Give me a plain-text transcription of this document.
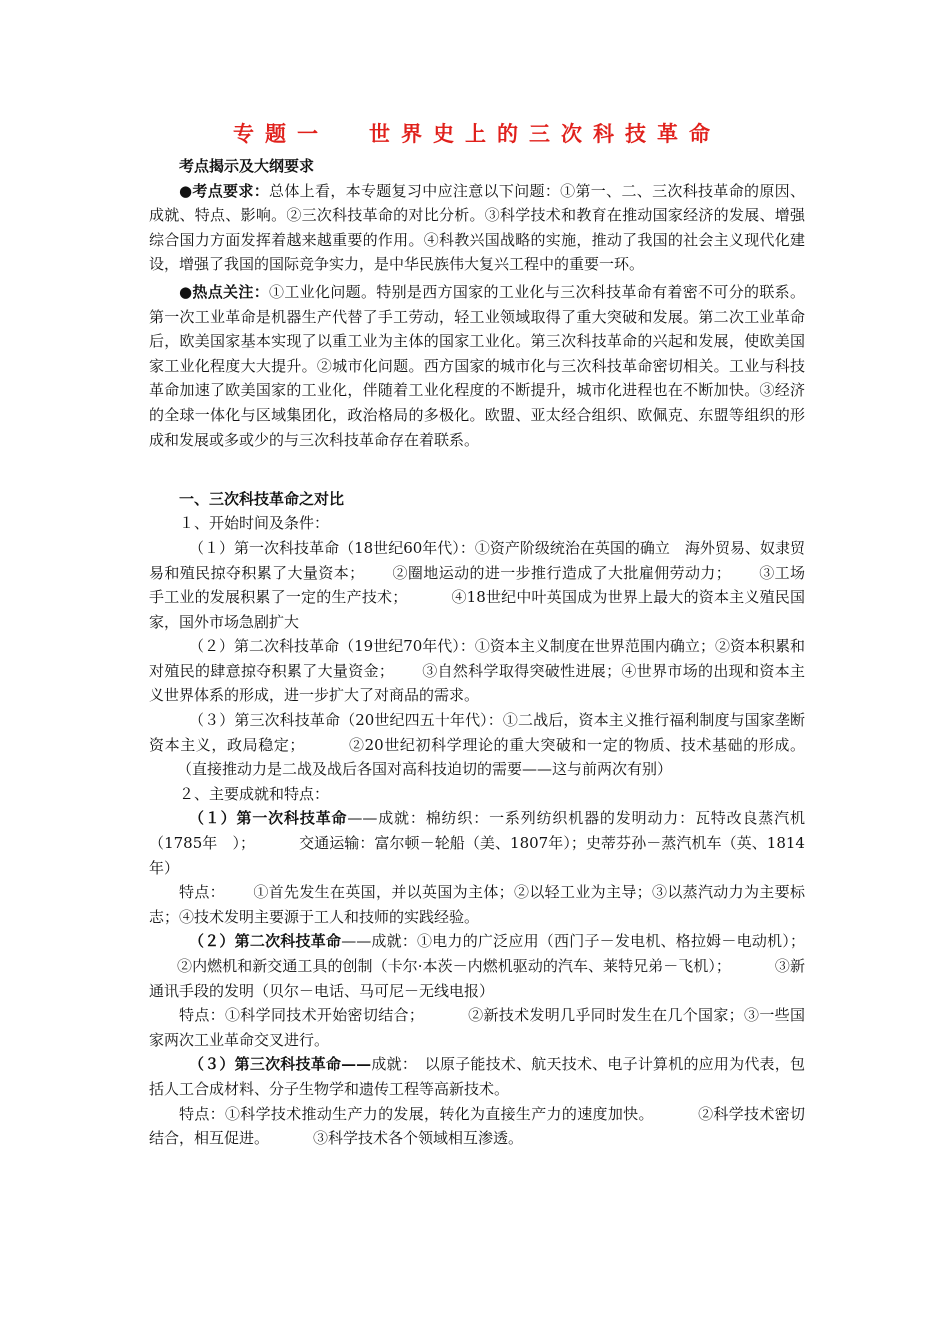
专题一 世界史上的三次科技革命

考点揭示及大纲要求

●考点要求：总体上看，本专题复习中应注意以下问题：①第一、二、三次科技革命的原因、成就、特点、影响。②三次科技革命的对比分析。③科学技术和教育在推动国家经济的发展、增强综合国力方面发挥着越来越重要的作用。④科教兴国战略的实施，推动了我国的社会主义现代化建设，增强了我国的国际竞争实力，是中华民族伟大复兴工程中的重要一环。

●热点关注：①工业化问题。特别是西方国家的工业化与三次科技革命有着密不可分的联系。第一次工业革命是机器生产代替了手工劳动，轻工业领域取得了重大突破和发展。第二次工业革命后，欧美国家基本实现了以重工业为主体的国家工业化。第三次科技革命的兴起和发展，使欧美国家工业化程度大大提升。②城市化问题。西方国家的城市化与三次科技革命密切相关。工业与科技革命加速了欧美国家的工业化，伴随着工业化程度的不断提升，城市化进程也在不断加快。③经济的全球一体化与区域集团化，政治格局的多极化。欧盟、亚太经合组织、欧佩克、东盟等组织的形成和发展或多或少的与三次科技革命存在着联系。

一、三次科技革命之对比

１、开始时间及条件：

（１）第一次科技革命（18世纪60年代）：①资产阶级统治在英国的确立　海外贸易、奴隶贸易和殖民掠夺积累了大量资本； ②圈地运动的进一步推行造成了大批雇佣劳动力； ③工场手工业的发展积累了一定的生产技术；	④18世纪中叶英国成为世界上最大的资本主义殖民国家，国外市场急剧扩大

（２）第二次科技革命（19世纪70年代）：①资本主义制度在世界范围内确立；②资本积累和对殖民的肆意掠夺积累了大量资金； ③自然科学取得突破性进展；④世界市场的出现和资本主义世界体系的形成，进一步扩大了对商品的需求。

（３）第三次科技革命（20世纪四五十年代）：①二战后，资本主义推行福利制度与国家垄断资本主义，政局稳定；	②20世纪初科学理论的重大突破和一定的物质、技术基础的形成。（直接推动力是二战及战后各国对高科技迫切的需要——这与前两次有别）

２、主要成就和特点：

（１）第一次科技革命——成就：棉纺织：一系列纺织机器的发明动力：瓦特改良蒸汽机（1785年　）；	交通运输：富尔顿－轮船（美、1807年）；史蒂芬孙－蒸汽机车（英、1814年）

特点： ①首先发生在英国，并以英国为主体；②以轻工业为主导；③以蒸汽动力为主要标志；④技术发明主要源于工人和技师的实践经验。

（２）第二次科技革命——成就：①电力的广泛应用（西门子－发电机、格拉姆－电动机）；②内燃机和新交通工具的创制（卡尔·本茨－内燃机驱动的汽车、莱特兄弟－飞机）；	③新通讯手段的发明（贝尔－电话、马可尼－无线电报）

特点：①科学同技术开始密切结合；	②新技术发明几乎同时发生在几个国家；③一些国家两次工业革命交叉进行。

（３）第三次科技革命——成就：　以原子能技术、航天技术、电子计算机的应用为代表，包括人工合成材料、分子生物学和遗传工程等高新技术。

特点：①科学技术推动生产力的发展，转化为直接生产力的速度加快。	②科学技术密切结合，相互促进。	③科学技术各个领域相互渗透。
